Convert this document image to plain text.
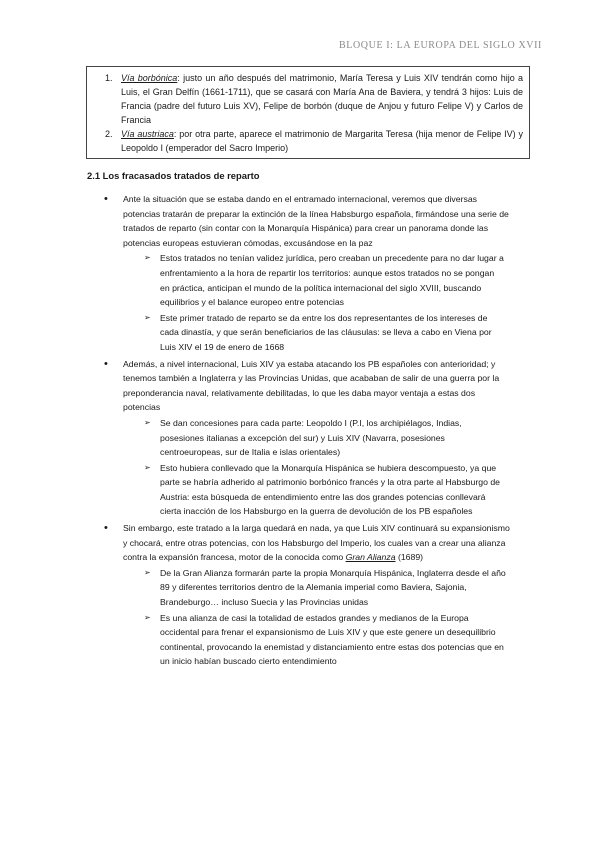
BLOQUE I: LA EUROPA DEL SIGLO XVII
1. Vía borbónica: justo un año después del matrimonio, María Teresa y Luis XIV tendrán como hijo a Luis, el Gran Delfín (1661-1711), que se casará con María Ana de Baviera, y tendrá 3 hijos: Luis de Francia (padre del futuro Luis XV), Felipe de borbón (duque de Anjou y futuro Felipe V) y Carlos de Francia
2. Vía austriaca: por otra parte, aparece el matrimonio de Margarita Teresa (hija menor de Felipe IV) y Leopoldo I (emperador del Sacro Imperio)
2.1 Los fracasados tratados de reparto
• Ante la situación que se estaba dando en el entramado internacional, veremos que diversas potencias tratarán de preparar la extinción de la línea Habsburgo española, firmándose una serie de tratados de reparto (sin contar con la Monarquía Hispánica) para crear un panorama donde las potencias europeas estuvieran cómodas, excusándose en la paz

➢ Estos tratados no tenían validez jurídica, pero creaban un precedente para no dar lugar a enfrentamiento a la hora de repartir los territorios: aunque estos tratados no se pongan en práctica, anticipan el mundo de la política internacional del siglo XVIII, buscando equilibrios y el balance europeo entre potencias

➢ Este primer tratado de reparto se da entre los dos representantes de los intereses de cada dinastía, y que serán beneficiarios de las cláusulas: se lleva a cabo en Viena por Luis XIV el 19 de enero de 1668

• Además, a nivel internacional, Luis XIV ya estaba atacando los PB españoles con anterioridad; y tenemos también a Inglaterra y las Provincias Unidas, que acababan de salir de una guerra por la preponderancia naval, relativamente debilitadas, lo que les daba mayor ventaja a estas dos potencias

➢ Se dan concesiones para cada parte: Leopoldo I (P.I, los archipiélagos, Indias, posesiones italianas a excepción del sur) y Luis XIV (Navarra, posesiones centroeuropeas, sur de Italia e islas orientales)

➢ Esto hubiera conllevado que la Monarquía Hispánica se hubiera descompuesto, ya que parte se habría adherido al patrimonio borbónico francés y la otra parte al Habsburgo de Austria: esta búsqueda de entendimiento entre las dos grandes potencias conllevará cierta inacción de los Habsburgo en la guerra de devolución de los PB españoles

• Sin embargo, este tratado a la larga quedará en nada, ya que Luis XIV continuará su expansionismo y chocará, entre otras potencias, con los Habsburgo del Imperio, los cuales van a crear una alianza contra la expansión francesa, motor de la conocida como Gran Alianza (1689)

➢ De la Gran Alianza formarán parte la propia Monarquía Hispánica, Inglaterra desde el año 89 y diferentes territorios dentro de la Alemania imperial como Baviera, Sajonia, Brandeburgo… incluso Suecia y las Provincias unidas

➢ Es una alianza de casi la totalidad de estados grandes y medianos de la Europa occidental para frenar el expansionismo de Luis XIV y que este genere un desequilibrio continental, provocando la enemistad y distanciamiento entre estas dos potencias que en un inicio habían buscado cierto entendimiento
